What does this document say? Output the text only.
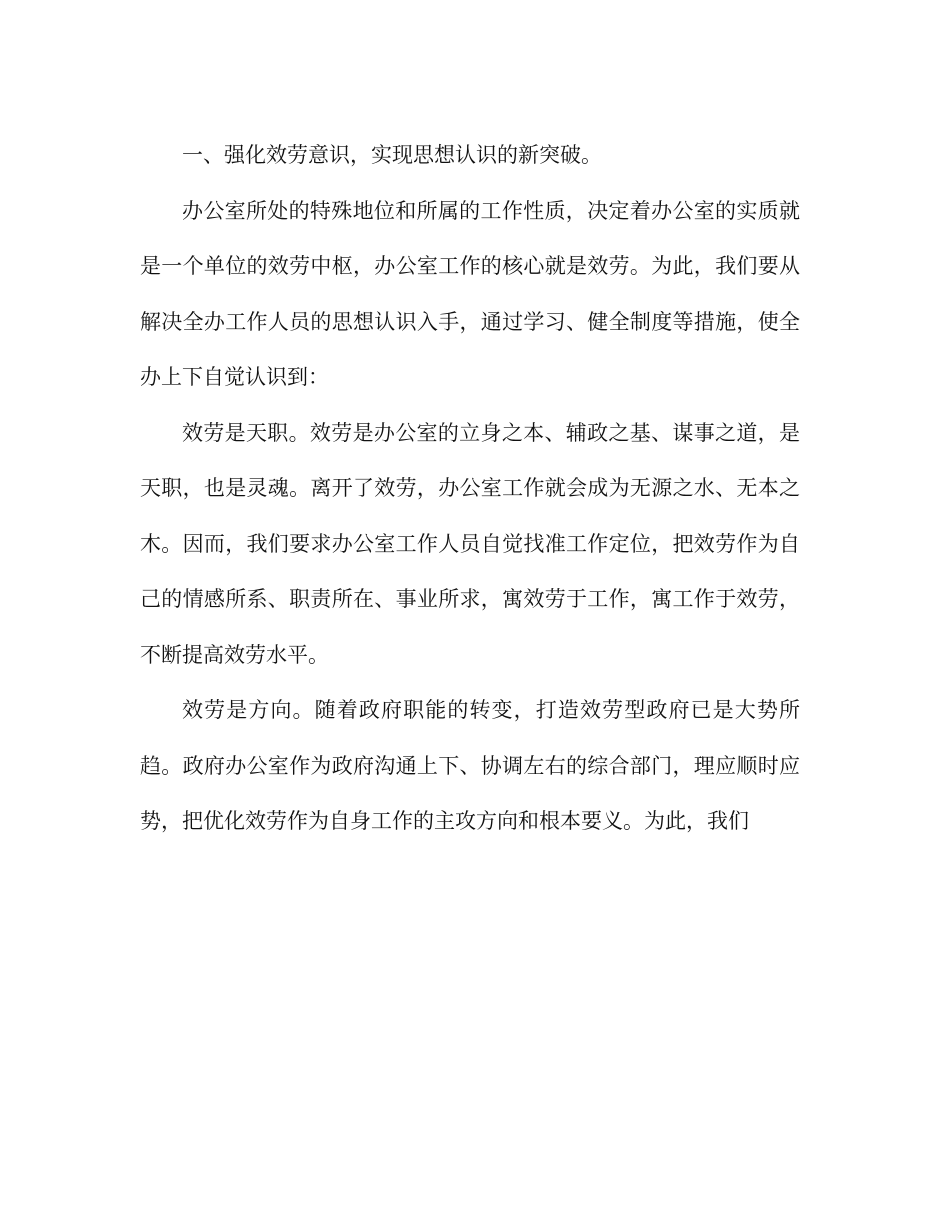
一、强化效劳意识，实现思想认识的新突破。

办公室所处的特殊地位和所属的工作性质，决定着办公室的实质就是一个单位的效劳中枢，办公室工作的核心就是效劳。为此，我们要从解决全办工作人员的思想认识入手，通过学习、健全制度等措施，使全办上下自觉认识到：

效劳是天职。效劳是办公室的立身之本、辅政之基、谋事之道，是天职，也是灵魂。离开了效劳，办公室工作就会成为无源之水、无本之木。因而，我们要求办公室工作人员自觉找准工作定位，把效劳作为自己的情感所系、职责所在、事业所求，寓效劳于工作，寓工作于效劳，不断提高效劳水平。

效劳是方向。随着政府职能的转变，打造效劳型政府已是大势所趋。政府办公室作为政府沟通上下、协调左右的综合部门，理应顺时应势，把优化效劳作为自身工作的主攻方向和根本要义。为此，我们
